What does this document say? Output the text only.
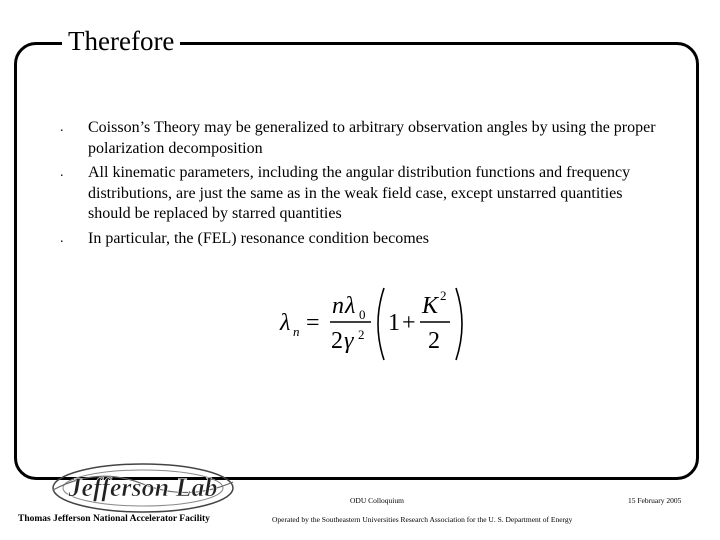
Therefore
.	Coisson’s Theory may be generalized to arbitrary observation angles by using the proper polarization decomposition
.	All kinematic parameters, including the angular distribution functions and frequency distributions, are just the same as in the weak field case, except unstarred quantities should be replaced by starred quantities
.	In particular, the (FEL) resonance condition becomes
λ n =
n λ 0
2 γ 2 1 +
K 2
2
Jefferson Lab	ODU Colloquium	15 February 2005
Thomas Jefferson National Accelerator Facility	Operated by the Southeastern Universities Research Association for the U. S. Department of Energy
